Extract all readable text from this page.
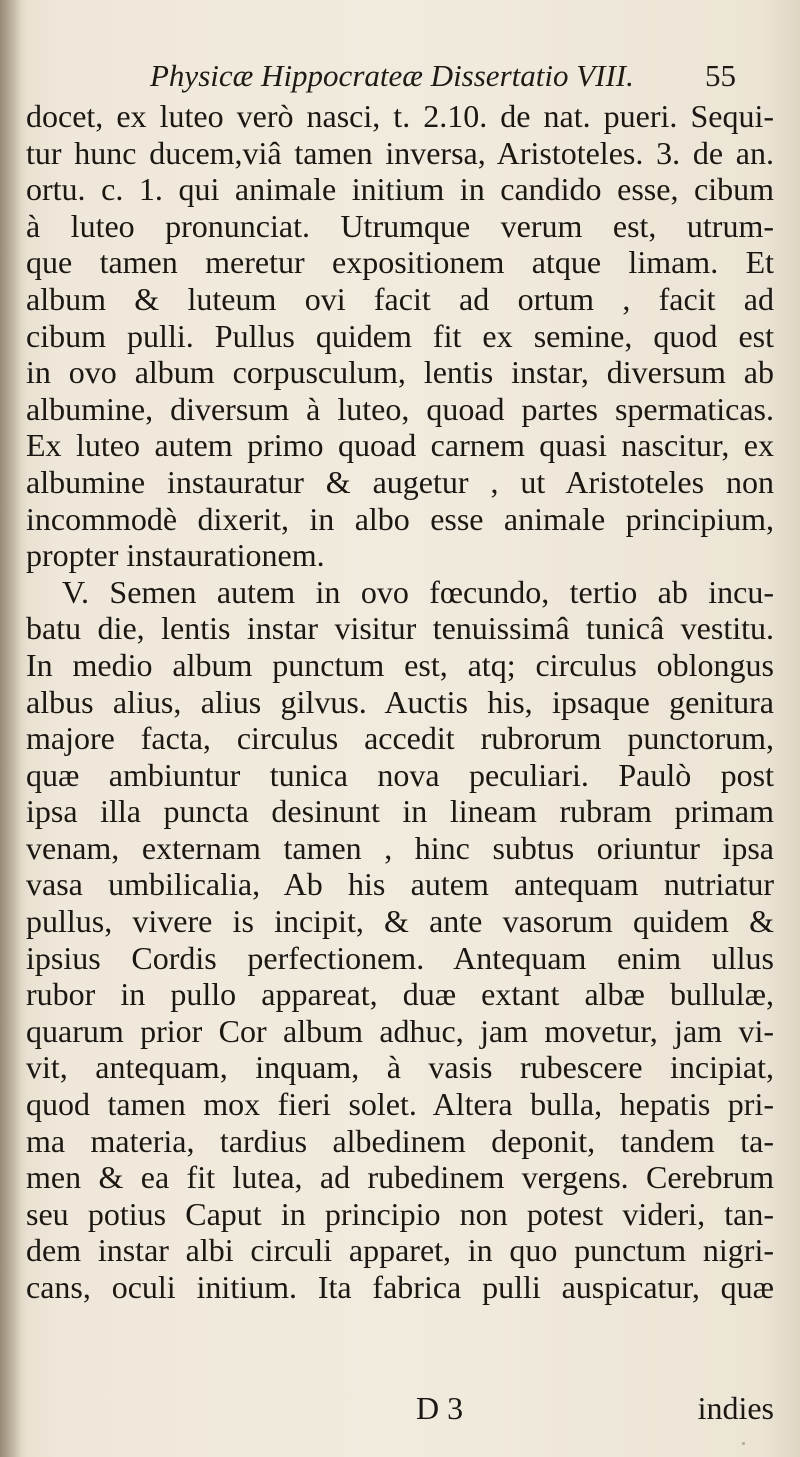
Physicæ Hippocrateæ Dissertatio VIII. 55
docet, ex luteo verò nasci, t. 2.10. de nat. pueri. Sequi-
tur hunc ducem,viâ tamen inversa, Aristoteles. 3. de an.
ortu. c. 1. qui animale initium in candido esse, cibum
à luteo pronunciat. Utrumque verum est, utrum-
que tamen meretur expositionem atque limam. Et
album & luteum ovi facit ad ortum , facit ad
cibum pulli. Pullus quidem fit ex semine, quod est
in ovo album corpusculum, lentis instar, diversum ab
albumine, diversum à luteo, quoad partes spermaticas.
Ex luteo autem primo quoad carnem quasi nascitur, ex
albumine instauratur & augetur , ut Aristoteles non
incommodè dixerit, in albo esse animale principium,
propter instaurationem.
V. Semen autem in ovo fœcundo, tertio ab incu-
batu die, lentis instar visitur tenuissimâ tunicâ vestitu.
In medio album punctum est, atq; circulus oblongus
albus alius, alius gilvus. Auctis his, ipsaque genitura
majore facta, circulus accedit rubrorum punctorum,
quæ ambiuntur tunica nova peculiari. Paulò post
ipsa illa puncta desinunt in lineam rubram primam
venam, externam tamen , hinc subtus oriuntur ipsa
vasa umbilicalia, Ab his autem antequam nutriatur
pullus, vivere is incipit, & ante vasorum quidem &
ipsius Cordis perfectionem. Antequam enim ullus
rubor in pullo appareat, duæ extant albæ bullulæ,
quarum prior Cor album adhuc, jam movetur, jam vi-
vit, antequam, inquam, à vasis rubescere incipiat,
quod tamen mox fieri solet. Altera bulla, hepatis pri-
ma materia, tardius albedinem deponit, tandem ta-
men & ea fit lutea, ad rubedinem vergens. Cerebrum
seu potius Caput in principio non potest videri, tan-
dem instar albi circuli apparet, in quo punctum nigri-
cans, oculi initium. Ita fabrica pulli auspicatur, quæ
D 3	indies
